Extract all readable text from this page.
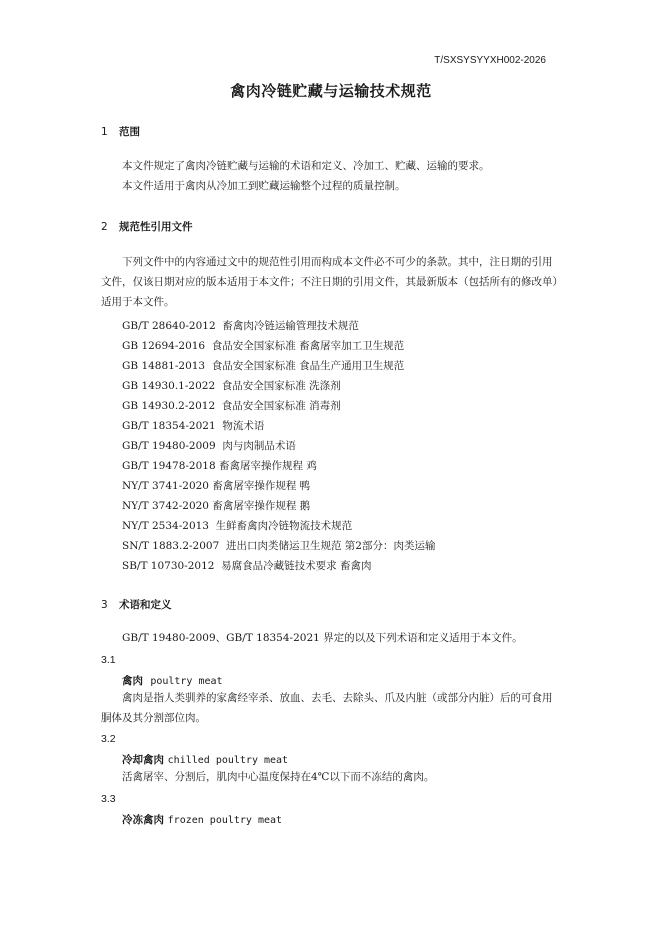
T/SXSYSYYXH002-2026
禽肉冷链贮藏与运输技术规范
1 范围
本文件规定了禽肉冷链贮藏与运输的术语和定义、冷加工、贮藏、运输的要求。
本文件适用于禽肉从冷加工到贮藏运输整个过程的质量控制。
2 规范性引用文件
下列文件中的内容通过文中的规范性引用而构成本文件必不可少的条款。其中，注日期的引用文件，仅该日期对应的版本适用于本文件；不注日期的引用文件，其最新版本（包括所有的修改单）适用于本文件。
GB/T 28640-2012  畜禽肉冷链运输管理技术规范
GB 12694-2016  食品安全国家标准 畜禽屠宰加工卫生规范
GB 14881-2013  食品安全国家标准 食品生产通用卫生规范
GB 14930.1-2022  食品安全国家标准 洗涤剂
GB 14930.2-2012  食品安全国家标准 消毒剂
GB/T 18354-2021  物流术语
GB/T 19480-2009  肉与肉制品术语
GB/T 19478-2018 畜禽屠宰操作规程 鸡
NY/T 3741-2020 畜禽屠宰操作规程 鸭
NY/T 3742-2020 畜禽屠宰操作规程 鹅
NY/T 2534-2013  生鲜畜禽肉冷链物流技术规范
SN/T 1883.2-2007  进出口肉类储运卫生规范 第2部分：肉类运输
SB/T 10730-2012  易腐食品冷藏链技术要求 畜禽肉
3 术语和定义
GB/T 19480-2009、GB/T 18354-2021 界定的以及下列术语和定义适用于本文件。
3.1
禽肉 poultry meat
禽肉是指人类驯养的家禽经宰杀、放血、去毛、去除头、爪及内脏（或部分内脏）后的可食用胴体及其分割部位肉。
3.2
冷却禽肉 chilled poultry meat
活禽屠宰、分割后，肌肉中心温度保持在4℃以下而不冻结的禽肉。
3.3
冷冻禽肉 frozen poultry meat
